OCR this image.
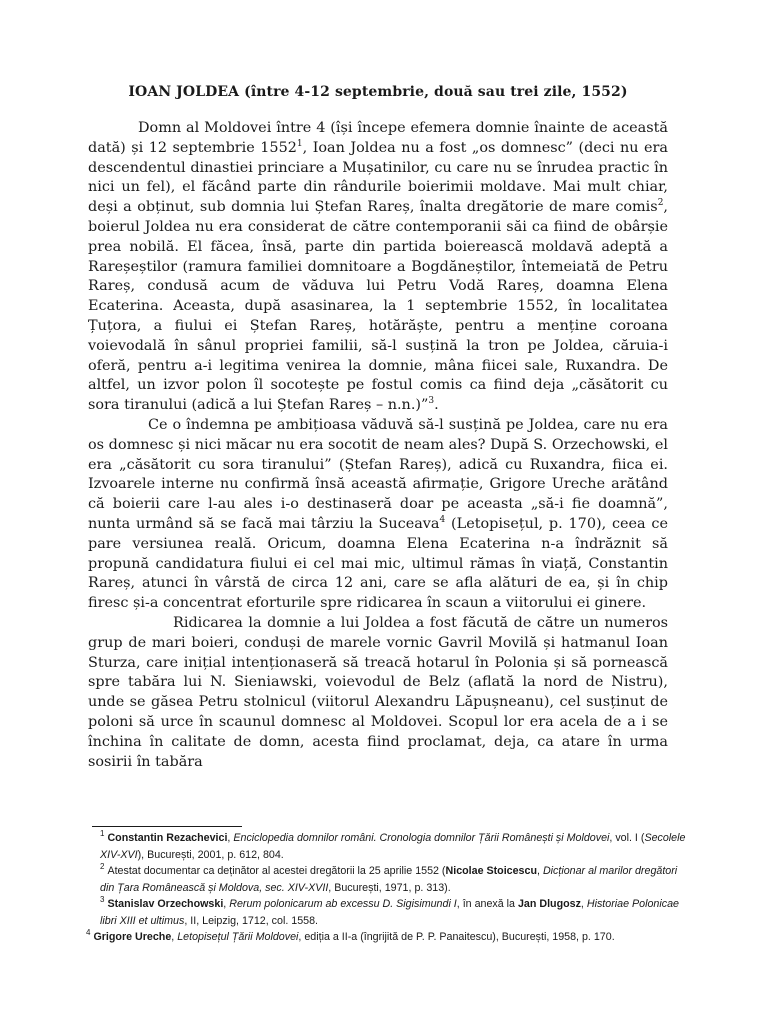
IOAN JOLDEA (între 4-12 septembrie, două sau trei zile, 1552)

Domn al Moldovei între 4 (își începe efemera domnie înainte de această dată) și 12 septembrie 1552$^1$, Ioan Joldea nu a fost „os domnesc” (deci nu era descendentul dinastiei princiare a Mușatinilor, cu care nu se înrudea practic în nici un fel), el făcând parte din rândurile boierimii moldave. Mai mult chiar, deși a obținut, sub domnia lui Ștefan Rareș, înalta dregătorie de mare comis$^2$, boierul Joldea nu era considerat de către contemporanii săi ca fiind de obârșie prea nobilă. El făcea, însă, parte din partida boierească moldavă adeptă a Rareșeștilor (ramura familiei domnitoare a Bogdăneștilor, întemeiată de Petru Rareș, condusă acum de văduva lui Petru Vodă Rareș, doamna Elena Ecaterina. Aceasta, după asasinarea, la 1 septembrie 1552, în localitatea Țuțora, a fiului ei Ștefan Rareș, hotărăște, pentru a menține coroana voievodală în sânul propriei familii, să-l susțină la tron pe Joldea, căruia-i oferă, pentru a-i legitima venirea la domnie, mâna fiicei sale, Ruxandra. De altfel, un izvor polon îl socotește pe fostul comis ca fiind deja „căsătorit cu sora tiranului (adică a lui Ștefan Rareș – n.n.)”$^3$.

Ce o îndemna pe ambițioasa văduvă să-l susțină pe Joldea, care nu era os domnesc și nici măcar nu era socotit de neam ales? După S. Orzechowski, el era „căsătorit cu sora tiranului” (Ștefan Rareș), adică cu Ruxandra, fiica ei. Izvoarele interne nu confirmă însă această afirmație, Grigore Ureche arătând că boierii care l-au ales i-o destinaseră doar pe aceasta „să-i fie doamnă”, nunta urmând să se facă mai târziu la Suceava$^4$ (Letopisețul, p. 170), ceea ce pare versiunea reală. Oricum, doamna Elena Ecaterina n-a îndrăznit să propună candidatura fiului ei cel mai mic, ultimul rămas în viață, Constantin Rareș, atunci în vârstă de circa 12 ani, care se afla alături de ea, și în chip firesc și-a concentrat eforturile spre ridicarea în scaun a viitorului ei ginere.

Ridicarea la domnie a lui Joldea a fost făcută de către un numeros grup de mari boieri, conduși de marele vornic Gavril Movilă și hatmanul Ioan Sturza, care inițial intenționaseră să treacă hotarul în Polonia și să pornească spre tabăra lui N. Sieniawski, voievodul de Belz (aflată la nord de Nistru), unde se găsea Petru stolnicul (viitorul Alexandru Lăpușneanu), cel susținut de poloni să urce în scaunul domnesc al Moldovei. Scopul lor era acela de a i se închina în calitate de domn, acesta fiind proclamat, deja, ca atare în urma sosirii în tabăra

$^1$ Constantin Rezachevici, Enciclopedia domnilor români. Cronologia domnilor Țării Românești și Moldovei, vol. I (Secolele XIV-XVI), București, 2001, p. 612, 804.

$^2$ Atestat documentar ca deținător al acestei dregătorii la 25 aprilie 1552 (Nicolae Stoicescu, Dicționar al marilor dregători din Țara Românească și Moldova, sec. XIV-XVII, București, 1971, p. 313).

$^3$ Stanislav Orzechowski, Rerum polonicarum ab excessu D. Sigisimundi I, în anexă la Jan Dlugosz, Historiae Polonicae libri XIII et ultimus, II, Leipzig, 1712, col. 1558.

$^4$ Grigore Ureche, Letopisețul Țării Moldovei, ediția a II-a (îngrijită de P. P. Panaitescu), București, 1958, p. 170.
